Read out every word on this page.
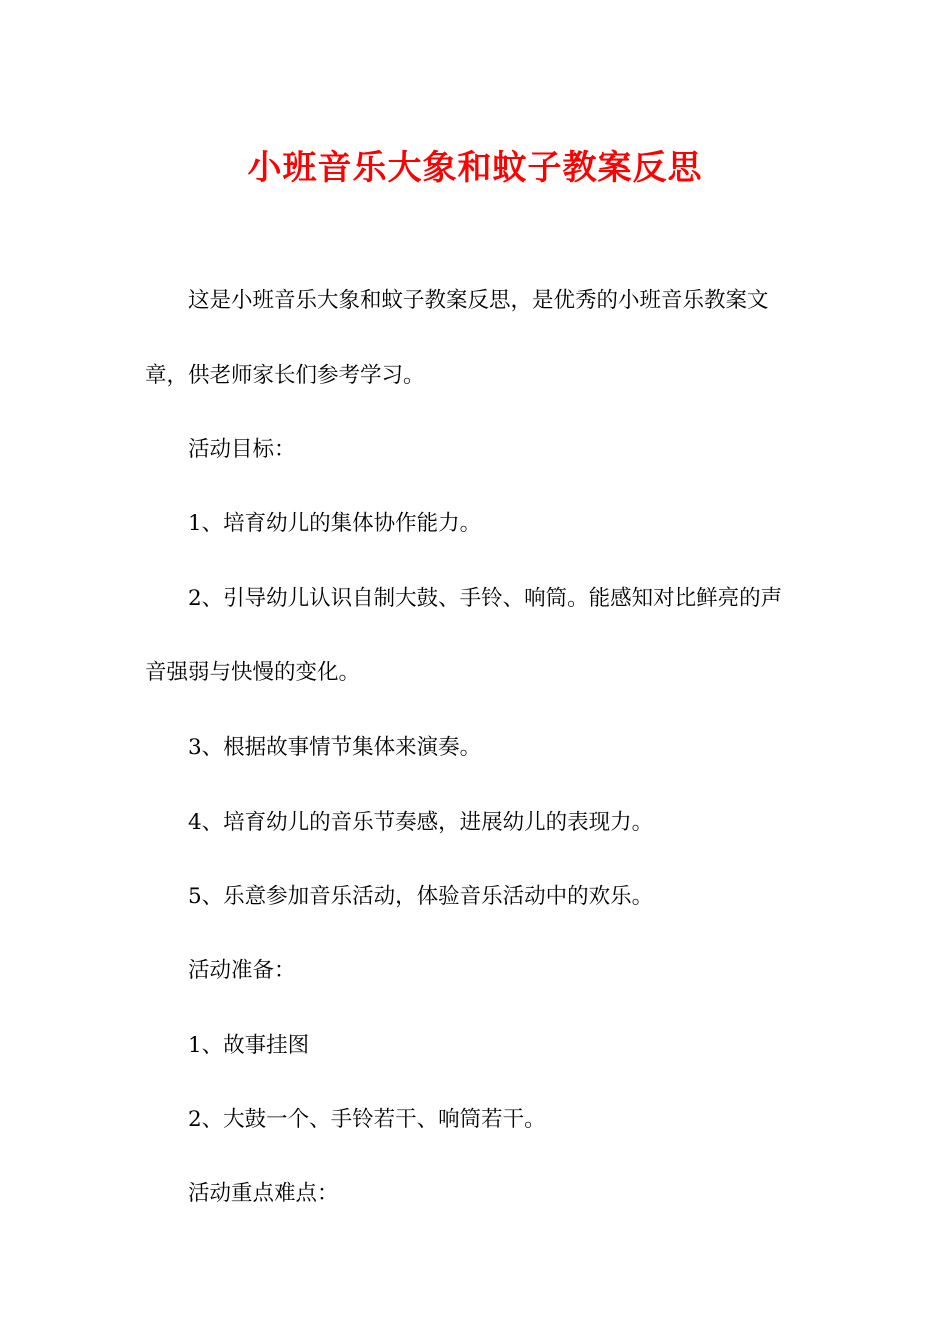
小班音乐大象和蚊子教案反思

这是小班音乐大象和蚊子教案反思，是优秀的小班音乐教案文

章，供老师家长们参考学习。

活动目标：

1、培育幼儿的集体协作能力。

2、引导幼儿认识自制大鼓、手铃、响筒。能感知对比鲜亮的声

音强弱与快慢的变化。

3、根据故事情节集体来演奏。

4、培育幼儿的音乐节奏感，进展幼儿的表现力。

5、乐意参加音乐活动，体验音乐活动中的欢乐。

活动准备：

1、故事挂图

2、大鼓一个、手铃若干、响筒若干。

活动重点难点：
